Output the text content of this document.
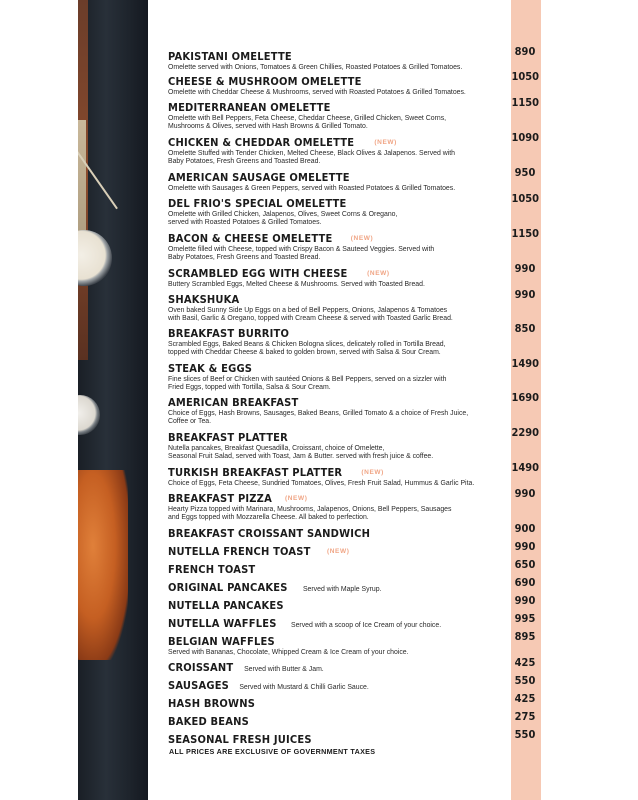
PAKISTANI OMELETTE
Omelette served with Onions, Tomatoes & Green Chillies, Roasted Potatoes & Grilled Tomatoes.
890
CHEESE & MUSHROOM OMELETTE
Omelette with Cheddar Cheese & Mushrooms, served with Roasted Potatoes & Grilled Tomatoes.
1050
MEDITERRANEAN OMELETTE
Omelette with Bell Peppers, Feta Cheese, Cheddar Cheese, Grilled Chicken, Sweet Corns,
Mushrooms & Olives, served with Hash Browns & Grilled Tomato.
1150
CHICKEN & CHEDDAR OMELETTE	(NEW)
Omelette Stuffed with Tender Chicken, Melted Cheese, Black Olives & Jalapenos. Served with
Baby Potatoes, Fresh Greens and Toasted Bread.
1090
AMERICAN SAUSAGE OMELETTE
Omelette with Sausages & Green Peppers, served with Roasted Potatoes & Grilled Tomatoes.
950
DEL FRIO'S SPECIAL OMELETTE
Omelette with Grilled Chicken, Jalapenos, Olives, Sweet Corns & Oregano,
served with Roasted Potatoes & Grilled Tomatoes.
1050
BACON & CHEESE OMELETTE	(NEW)
Omelette filled with Cheese, topped with Crispy Bacon & Sauteed Veggies. Served with
Baby Potatoes, Fresh Greens and Toasted Bread.
1150
SCRAMBLED EGG WITH CHEESE	(NEW)
Buttery Scrambled Eggs, Melted Cheese & Mushrooms. Served with Toasted Bread.
990
SHAKSHUKA
Oven baked Sunny Side Up Eggs on a bed of Bell Peppers, Onions, Jalapenos & Tomatoes
with Basil, Garlic & Oregano, topped with Cream Cheese & served with Toasted Garlic Bread.
990
BREAKFAST BURRITO
Scrambled Eggs, Baked Beans & Chicken Bologna slices, delicately rolled in Tortilla Bread,
topped with Cheddar Cheese & baked to golden brown, served with Salsa & Sour Cream.
850
STEAK & EGGS
Fine slices of Beef or Chicken with sautéed Onions & Bell Peppers, served on a sizzler with
Fried Eggs, topped with Tortilla, Salsa & Sour Cream.
1490
AMERICAN BREAKFAST
Choice of Eggs, Hash Browns, Sausages, Baked Beans, Grilled Tomato & a choice of Fresh Juice,
Coffee or Tea.
1690
BREAKFAST PLATTER
Nutella pancakes, Breakfast Quesadilla, Croissant, choice of Omelette,
Seasonal Fruit Salad, served with Toast, Jam & Butter. served with fresh juice & coffee.
2290
TURKISH BREAKFAST PLATTER	(NEW)
Choice of Eggs, Feta Cheese, Sundried Tomatoes, Olives, Fresh Fruit Salad, Hummus & Garlic Pita.
1490
BREAKFAST PIZZA (NEW)
Hearty Pizza topped with Marinara, Mushrooms, Jalapenos, Onions, Bell Peppers, Sausages
and Eggs topped with Mozzarella Cheese. All baked to perfection.
990
BREAKFAST CROISSANT SANDWICH	900
NUTELLA FRENCH TOAST	(NEW)	990
FRENCH TOAST	650
ORIGINAL PANCAKES Served with Maple Syrup.
690
NUTELLA PANCAKES	990
NUTELLA WAFFLES Served with a scoop of Ice Cream of your choice.
995
BELGIAN WAFFLES
Served with Bananas, Chocolate, Whipped Cream & Ice Cream of your choice.
895
CROISSANT Served with Butter & Jam.
425
SAUSAGES Served with Mustard & Chilli Garlic Sauce.
550
HASH BROWNS	425
BAKED BEANS	275
SEASONAL FRESH JUICES	550
ALL PRICES ARE EXCLUSIVE OF GOVERNMENT TAXES
